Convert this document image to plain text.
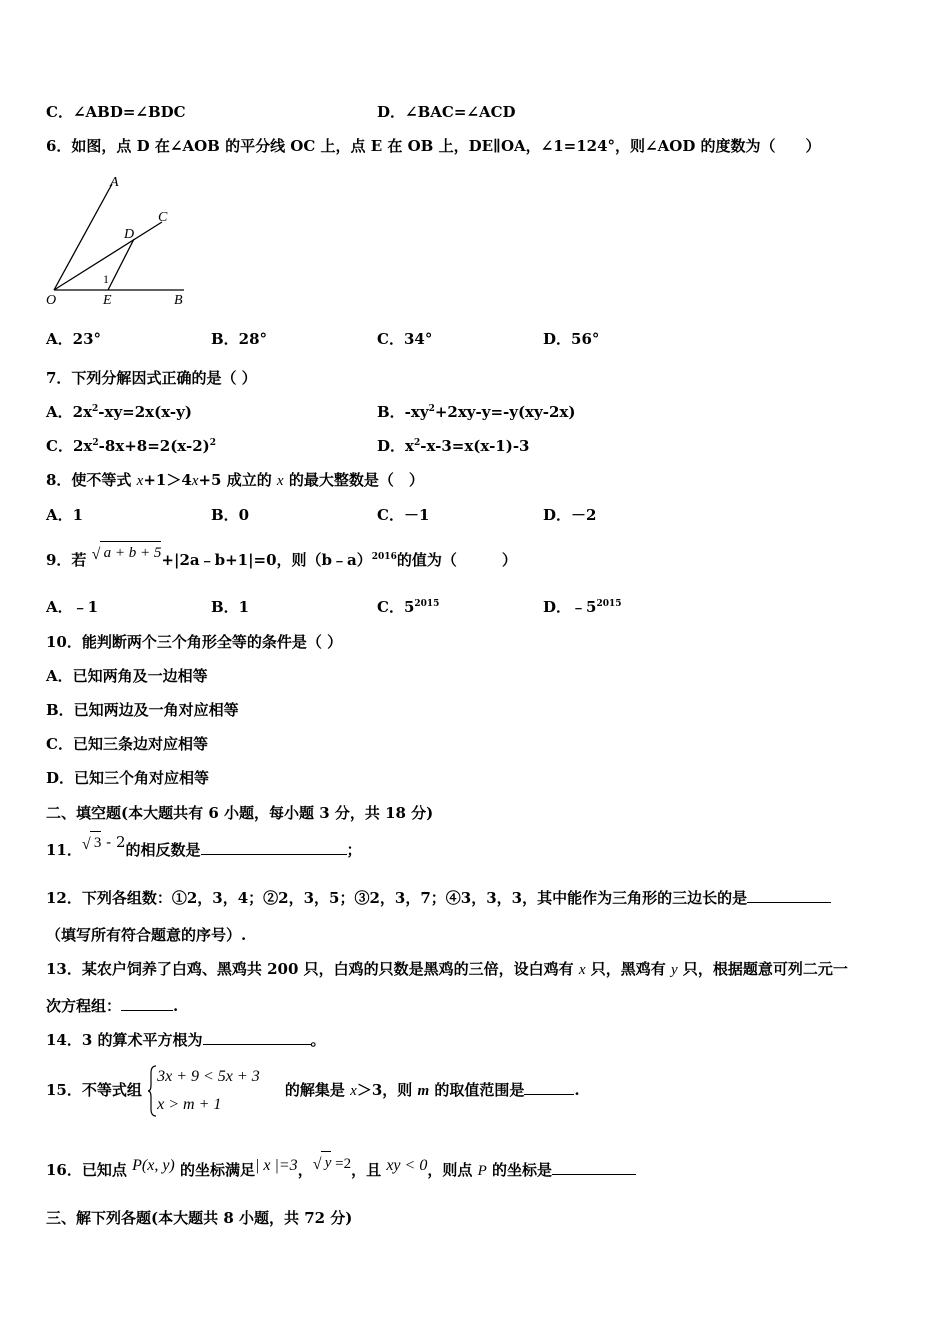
C．∠ABD=∠BDC	D．∠BAC=∠ACD
6．如图，点 D 在∠AOB 的平分线 OC 上，点 E 在 OB 上，DE∥OA，∠1=124°，则∠AOD 的度数为（　　）
A
C
D
1
O	E	B
A．23°	B．28°	C．34°	D．56°
7．下列分解因式正确的是（ ）
A．$2x^2-xy=2x(x-y)$	B．$-xy^2+2xy-y=-y(xy-2x)$
C．$2x^2-8x+8=2(x-2)^2$	D．$x^2-x-3=x(x-1)-3$
8．使不等式 x+1＞4x+5 成立的 x 的最大整数是（　）
A．1	B．0	C．－1	D．－2
9．若 √ a + b + 5+|2a﹣b+1|=0，则（b﹣a）$^{2016}$的值为（　　　）
A．﹣1	B．1	C．$5^{2015}$	D．$﹣5^{2015}$
10．能判断两个三个角形全等的条件是（ ）
A．已知两角及一边相等
B．已知两边及一角对应相等
C．已知三条边对应相等
D．已知三个角对应相等
二、填空题(本大题共有 6 小题，每小题 3 分，共 18 分)
11． √ 3 - 2的相反数是	；
12．下列各组数：①2，3，4；②2，3，5；③2，3，7；④3，3，3，其中能作为三角形的三边长的是
（填写所有符合题意的序号）.
13．某农户饲养了白鸡、黑鸡共 200 只，白鸡的只数是黑鸡的三倍，设白鸡有 x 只，黑鸡有 y 只，根据题意可列二元一
次方程组：	.
14．3 的算术平方根为	。
15．不等式组
3x + 9 < 5x + 3
x > m + 1
的解集是 x＞3，则 m 的取值范围是	.
16．已知点 P(x, y) 的坐标满足| x |=3， √ y =2，且 xy < 0，则点 P 的坐标是
三、解下列各题(本大题共 8 小题，共 72 分)
